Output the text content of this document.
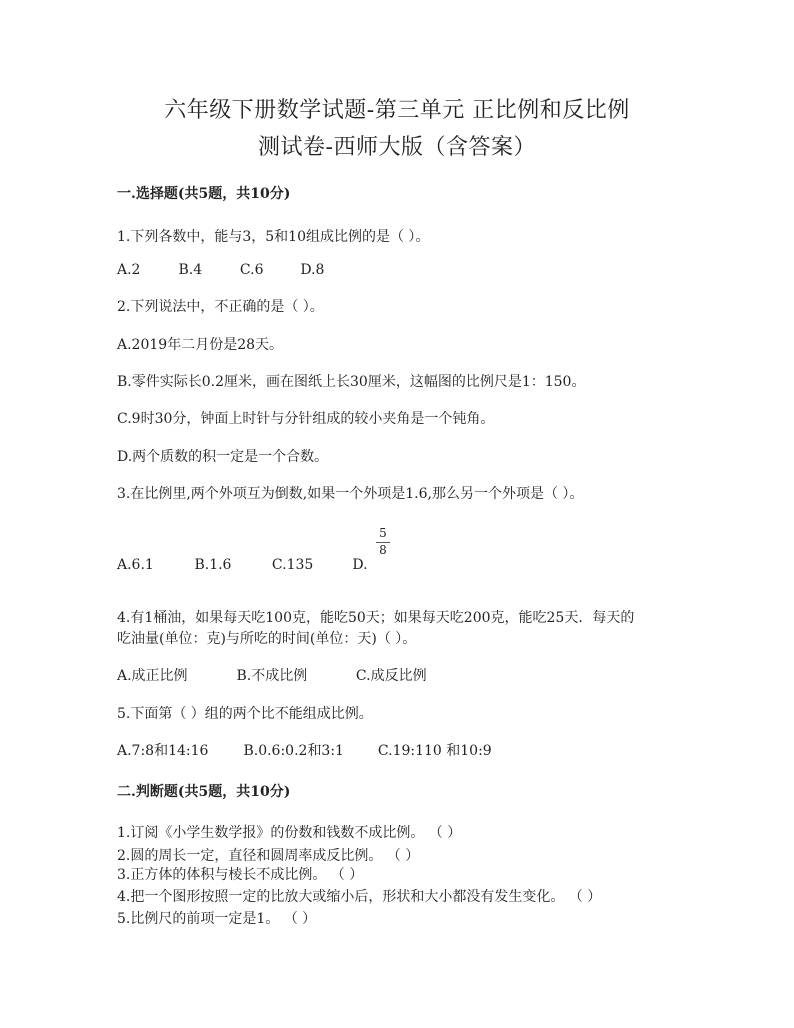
六年级下册数学试题-第三单元 正比例和反比例
测试卷-西师大版（含答案）
一.选择题(共5题，共10分)
1.下列各数中，能与3，5和10组成比例的是（ ）。
A.2	B.4	C.6	D.8
2.下列说法中，不正确的是（ ）。
A.2019年二月份是28天。
B.零件实际长0.2厘米，画在图纸上长30厘米，这幅图的比例尺是1：150。
C.9时30分，钟面上时针与分针组成的较小夹角是一个钝角。
D.两个质数的积一定是一个合数。
3.在比例里,两个外项互为倒数,如果一个外项是1.6,那么另一个外项是（ ）。
A.6.1	B.1.6	C.135	D.
5
8
4.有1桶油，如果每天吃100克，能吃50天；如果每天吃200克，能吃25天．每天的
吃油量(单位：克)与所吃的时间(单位：天)（ ）。
A.成正比例	B.不成比例	C.成反比例
5.下面第（ ）组的两个比不能组成比例。
A.7:8和14:16	B.0.6:0.2和3:1 C.19:110 和10:9
二.判断题(共5题，共10分)
1.订阅《小学生数学报》的份数和钱数不成比例。 （ ）
2.圆的周长一定，直径和圆周率成反比例。 （ ）
3.正方体的体积与棱长不成比例。 （ ）
4.把一个图形按照一定的比放大或缩小后，形状和大小都没有发生变化。 （ ）
5.比例尺的前项一定是1。 （ ）
